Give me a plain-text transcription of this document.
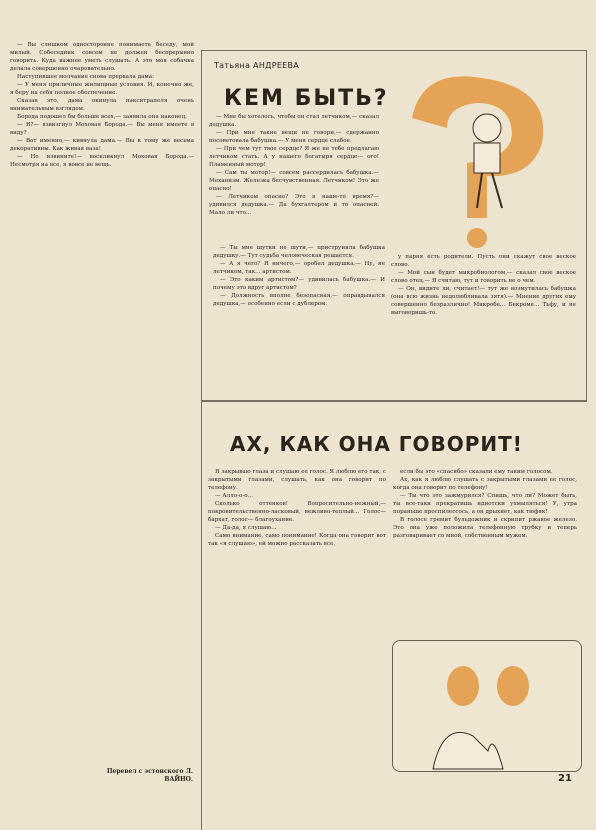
— Вы слишком односторонне понимаете беседу, мой милый. Собеседник совсем не должен беспрерывно говорить. Куда важнее уметь слушать. А это моя собачка делала совершенно очаровательно.

Наступившее молчание снова прервала дама:

— У меня приличные жилищные условия. И, конечно же, я беру на себя полное обеспечение.

Сказав это, дама окинула накситрапеля очень внимательным взглядом.

Борода подошел бы больше всех,— заявила она наконец.

— Я?— взвизгнул Моховая Борода.— Вы меня имеете в виду?

— Вот именно,— кивнула дама.— Вы к тому же весьма декоративны. Как живая ваза!

— Но извините!— воскликнул Моховая Борода.— Несмотря на все, я вовсе не вещь.

Татьяна АНДРЕЕВА
КЕМ БЫТЬ?

— Мне бы хотелось, чтобы он стал летчиком,— сказал дедушка.

— При мне такие вещи не говори,— сдержанно посоветовала бабушка.— У меня сердце слабое.

— При чем тут твое сердце? Я же не тебе предлагаю летчиком стать. А у нашего богатыря сердце— ого! Пламенный мотор!

— Сам ты мотор!— совсем рассердилась бабушка.— Механизм. Железка бесчувственная. Летчиком! Это же опасно!

— Летчиком опасно? Это в наше-то время?— удивился дедушка.— Да бухгалтером и то опасней. Мало ли что...

— Ты мне шутки не шути,— приструнила бабушка дедушку.— Тут судьба человеческая решается.

— А я чего? Я ничего,— оробел дедушка.— Ну, не летчиком, так... артистом.

— Это каким артистом?— удивилась бабушка.— И почему это вдруг артистом?

— Должность вполне безопасная,— оправдывался дедушка,— особенно если с дублером.

у парня есть родители. Пусть они скажут свое веское слово.

— Мой сын будет микробиологом,— сказал свое веское слово отец.— Я считаю, тут и говорить не о чем.

— Он, видите ли, считает!— тут же возмутилась бабушка (она всю жизнь недолюбливала зятя).— Мнение других ему совершенно безразлично! Микробе... Бекроме... Тьфу, и не выговоришь-то.

АХ, КАК ОНА ГОВОРИТ!

Я закрываю глаза и слушаю ее голос. Я люблю его так, с закрытыми глазами, слушать, как она говорит по телефону.

— Алло-о-о...

Сколько оттенков! Вопросительно-нежный,— покровительственно-ласковый, вежливо-теплый... Голос— бархат, голос— благоухание.

— Да-да, я слушаю...

Само внимание, само понимание! Когда она говорит вот так «я слушаю», ей можно рассказать все.

если бы это «спасибо» сказали ему таким голосом.

Ах, как я люблю слушать с закрытыми глазами ее голос, когда она говорит по телефону!

— Ты что это зажмурился? Спишь, что ли? Может быть, ты все-таки прекратишь идиотски ухмыляться! У, утра пораньше проспилессось, а он дрыхнет, как тюфяк!

В голосе гремит бульдожник и скрипит ржавое железо. Это она уже положила телефонную трубку и теперь разговаривает со мной, собственным мужем.

Перевел с эстонского Л. ВАЙНО.	21
